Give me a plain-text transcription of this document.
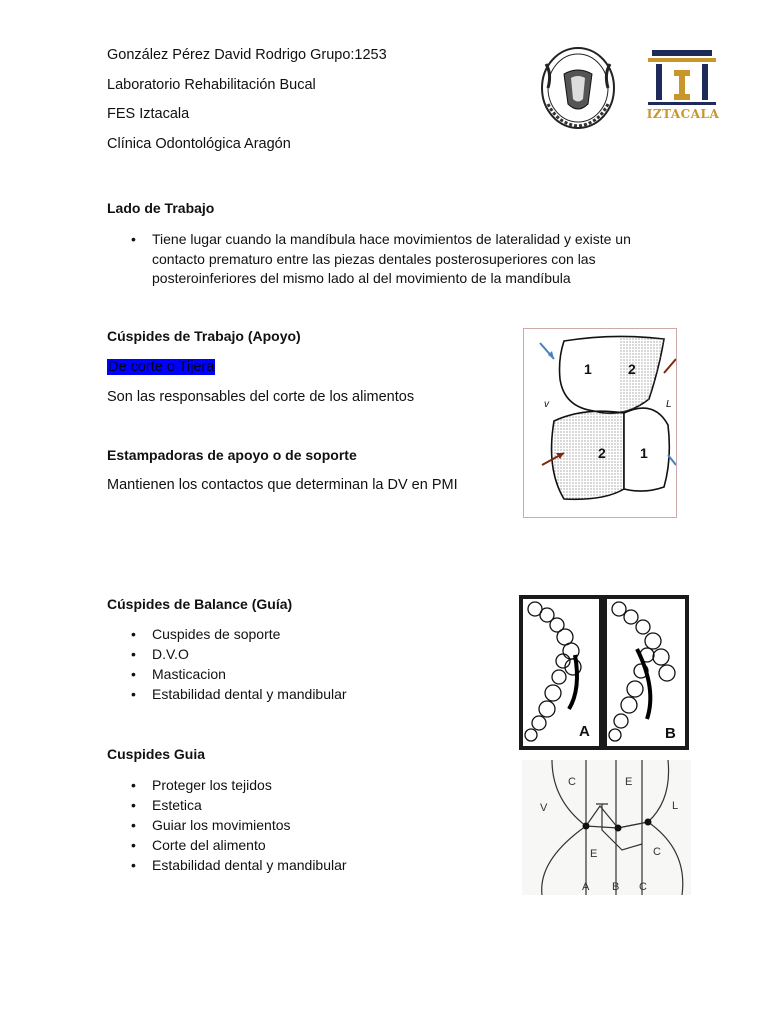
González Pérez David Rodrigo Grupo:1253
Laboratorio Rehabilitación Bucal
FES Iztacala
Clínica Odontológica Aragón
IZTACALA
Lado de Trabajo
• Tiene lugar cuando la mandíbula hace movimientos de lateralidad y existe un contacto prematuro entre las piezas dentales posterosuperiores con las posteroinferiores del mismo lado al del movimiento de la mandíbula
Cúspides de Trabajo (Apoyo)
De corte o Tijera
Son las responsables del corte de los alimentos
Estampadoras de apoyo o de soporte
Mantienen los contactos que determinan la DV en PMI
1	2
2 1
v	L
Cúspides de Balance (Guía)
• Cuspides de soporte
• D.V.O
• Masticacion
• Estabilidad dental y mandibular
A	B
Cuspides Guia
• Proteger los tejidos
• Estetica
• Guiar los movimientos
• Corte del alimento
• Estabilidad dental y mandibular
C	E
V	L
E	C
A B C
